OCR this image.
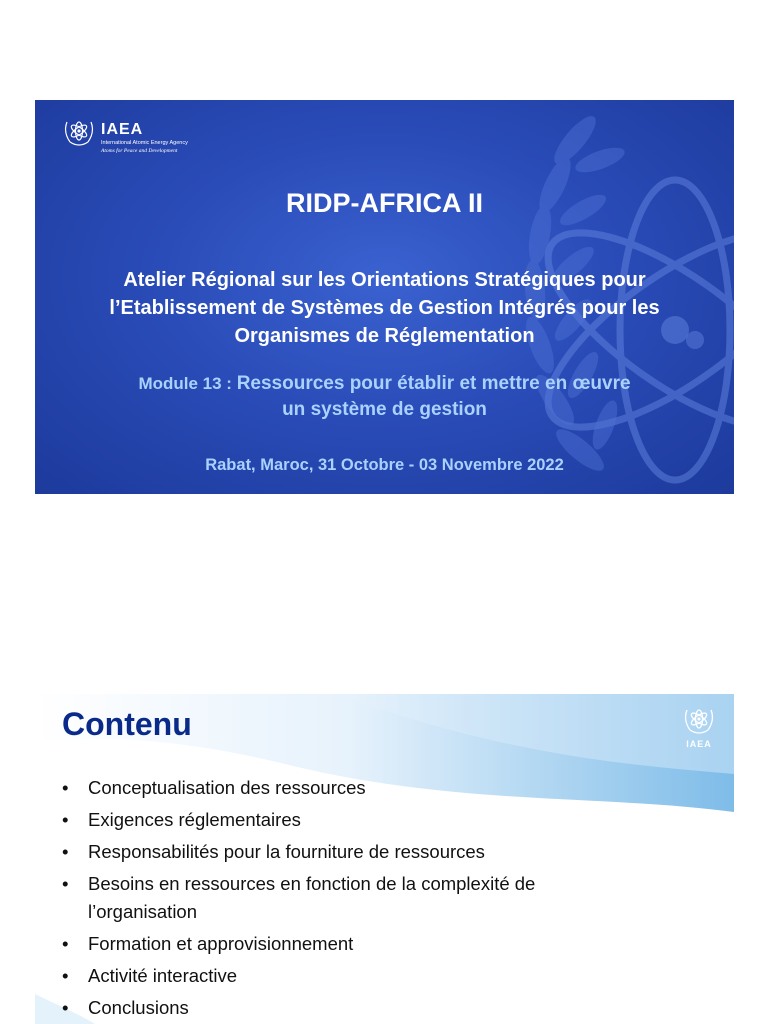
IAEA
International Atomic Energy Agency
Atoms for Peace and Development
RIDP-AFRICA II
Atelier Régional sur les Orientations Stratégiques pour
l’Etablissement de Systèmes de Gestion Intégrés pour les
Organismes de Réglementation
Module 13 : Ressources pour établir et mettre en œuvre
un système de gestion
Rabat, Maroc, 31 Octobre - 03 Novembre 2022
Contenu
IAEA
• Conceptualisation des ressources
• Exigences réglementaires
• Responsabilités pour la fourniture de ressources
• Besoins en ressources en fonction de la complexité de
l’organisation
• Formation et approvisionnement
• Activité interactive
• Conclusions
